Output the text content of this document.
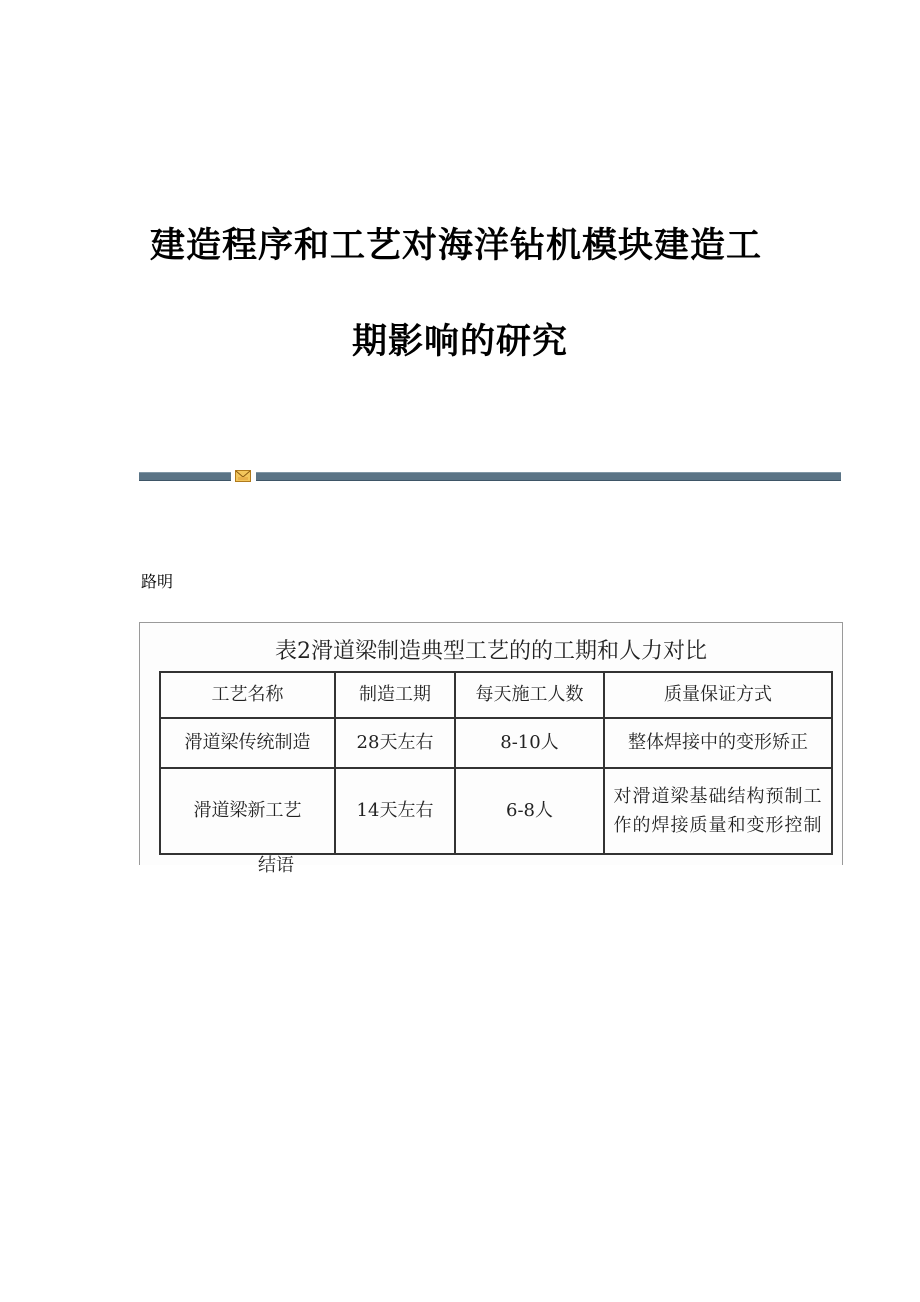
建造程序和工艺对海洋钻机模块建造工
期影响的研究
路明
表2滑道梁制造典型工艺的的工期和人力对比
工艺名称	制造工期	每天施工人数	质量保证方式
滑道梁传统制造	28天左右	8-10人	整体焊接中的变形矫正
滑道梁新工艺	14天左右	6-8人	对滑道梁基础结构预制工作的焊接质量和变形控制
结语
